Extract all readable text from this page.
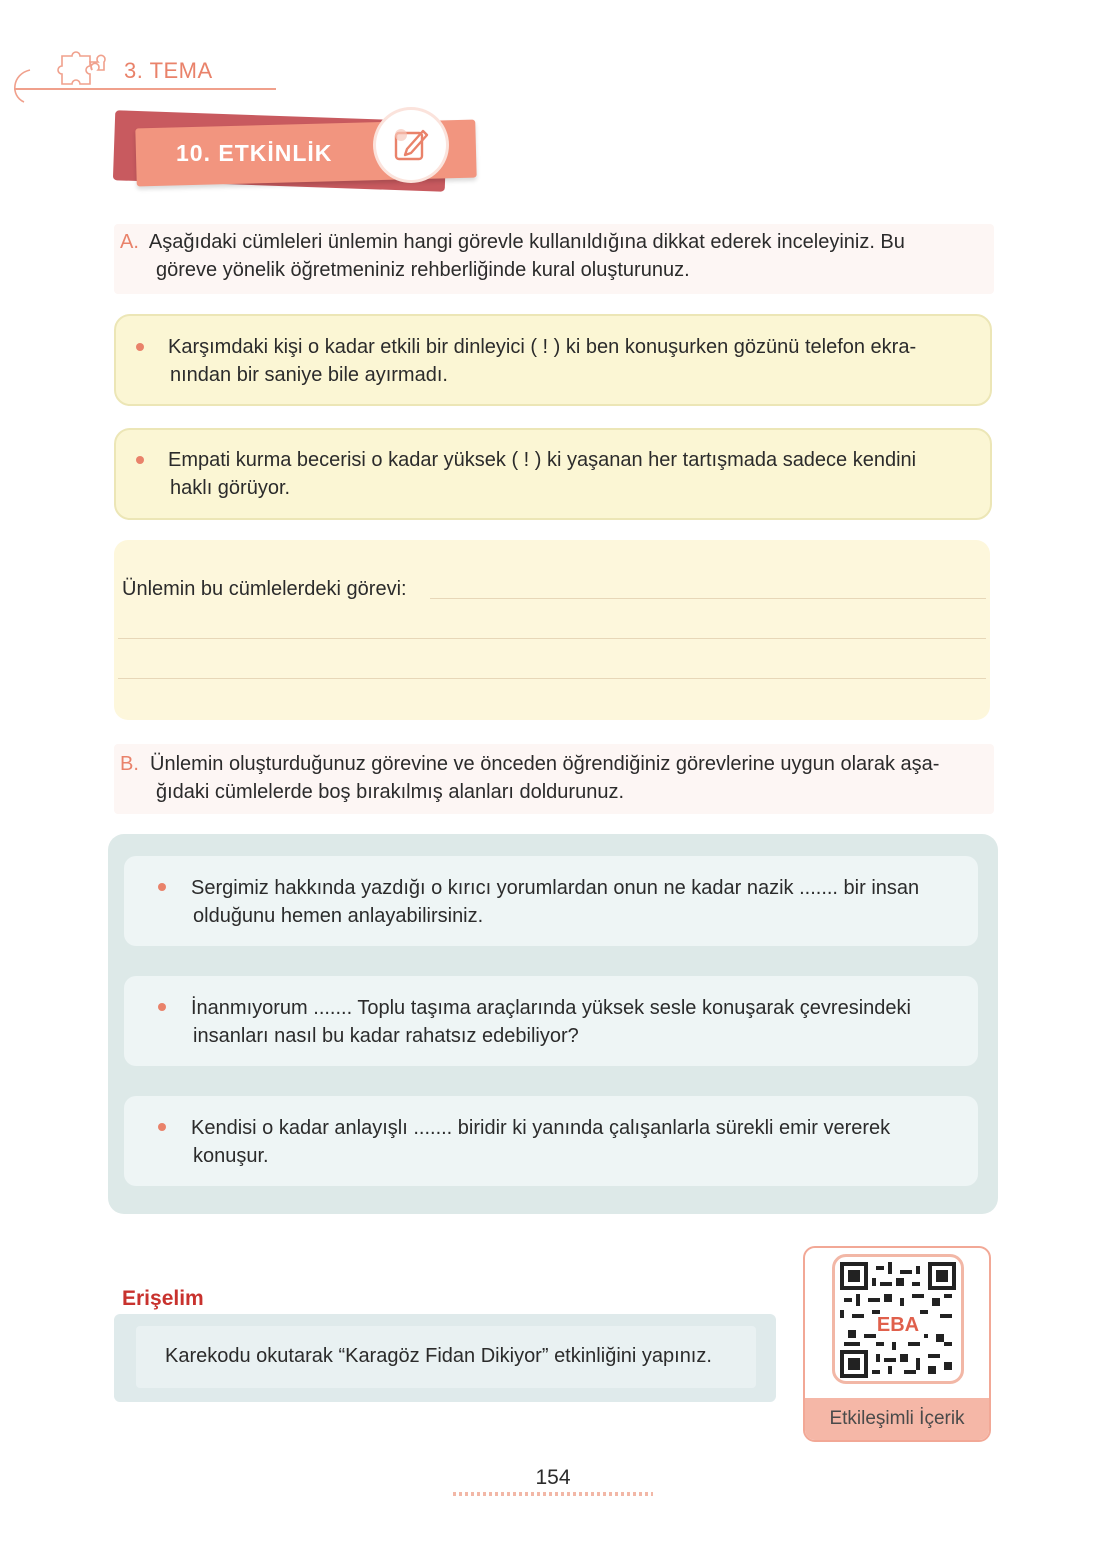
3. TEMA
10. ETKİNLİK
A. Aşağıdaki cümleleri ünlemin hangi görevle kullanıldığına dikkat ederek inceleyiniz. Bu
göreve yönelik öğretmeniniz rehberliğinde kural oluşturunuz.
Karşımdaki kişi o kadar etkili bir dinleyici ( ! ) ki ben konuşurken gözünü telefon ekra-
nından bir saniye bile ayırmadı.
Empati kurma becerisi o kadar yüksek ( ! ) ki yaşanan her tartışmada sadece kendini
haklı görüyor.
Ünlemin bu cümlelerdeki görevi:
B. Ünlemin oluşturduğunuz görevine ve önceden öğrendiğiniz görevlerine uygun olarak aşa-
ğıdaki cümlelerde boş bırakılmış alanları doldurunuz.
Sergimiz hakkında yazdığı o kırıcı yorumlardan onun ne kadar nazik ....... bir insan
olduğunu hemen anlayabilirsiniz.
İnanmıyorum ....... Toplu taşıma araçlarında yüksek sesle konuşarak çevresindeki
insanları nasıl bu kadar rahatsız edebiliyor?
Kendisi o kadar anlayışlı ....... biridir ki yanında çalışanlarla sürekli emir vererek
konuşur.
Erişelim
Karekodu okutarak “Karagöz Fidan Dikiyor” etkinliğini yapınız.
EBA
Etkileşimli İçerik
154
